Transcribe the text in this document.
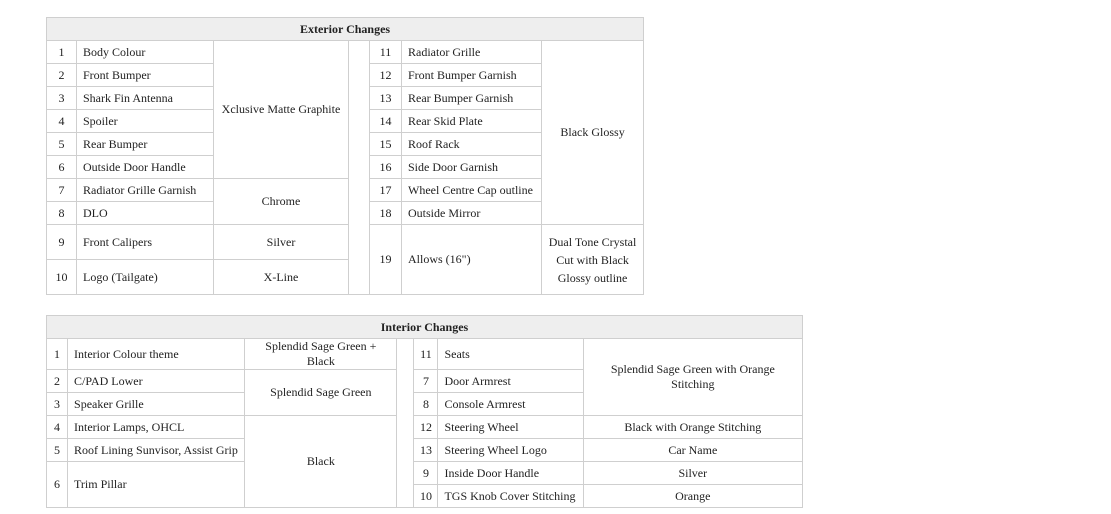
Exterior Changes						
1	Body Colour	Xclusive Matte Graphite		11	Radiator Grille	Black Glossy
2	Front Bumper			12	Front Bumper Garnish	
3	Shark Fin Antenna			13	Rear Bumper Garnish	
4	Spoiler			14	Rear Skid Plate	
5	Rear Bumper			15	Roof Rack	
6	Outside Door Handle			16	Side Door Garnish	
7	Radiator Grille Garnish	Chrome		17	Wheel Centre Cap outline	
8	DLO			18	Outside Mirror	
9	Front Calipers	Silver		19	Allows (16")	Dual Tone Crystal Cut with Black Glossy outline
10	Logo (Tailgate)	X-Line				
Interior Changes						
1	Interior Colour theme	Splendid Sage Green + Black		11	Seats	Splendid Sage Green with Orange Stitching
2	C/PAD Lower	Splendid Sage Green		7	Door Armrest	
3	Speaker Grille			8	Console Armrest	
4	Interior Lamps, OHCL	Black		12	Steering Wheel	Black with Orange Stitching
5	Roof Lining Sunvisor, Assist Grip			13	Steering Wheel Logo	Car Name
6	Trim Pillar			9	Inside Door Handle	Silver
				10	TGS Knob Cover Stitching	Orange
